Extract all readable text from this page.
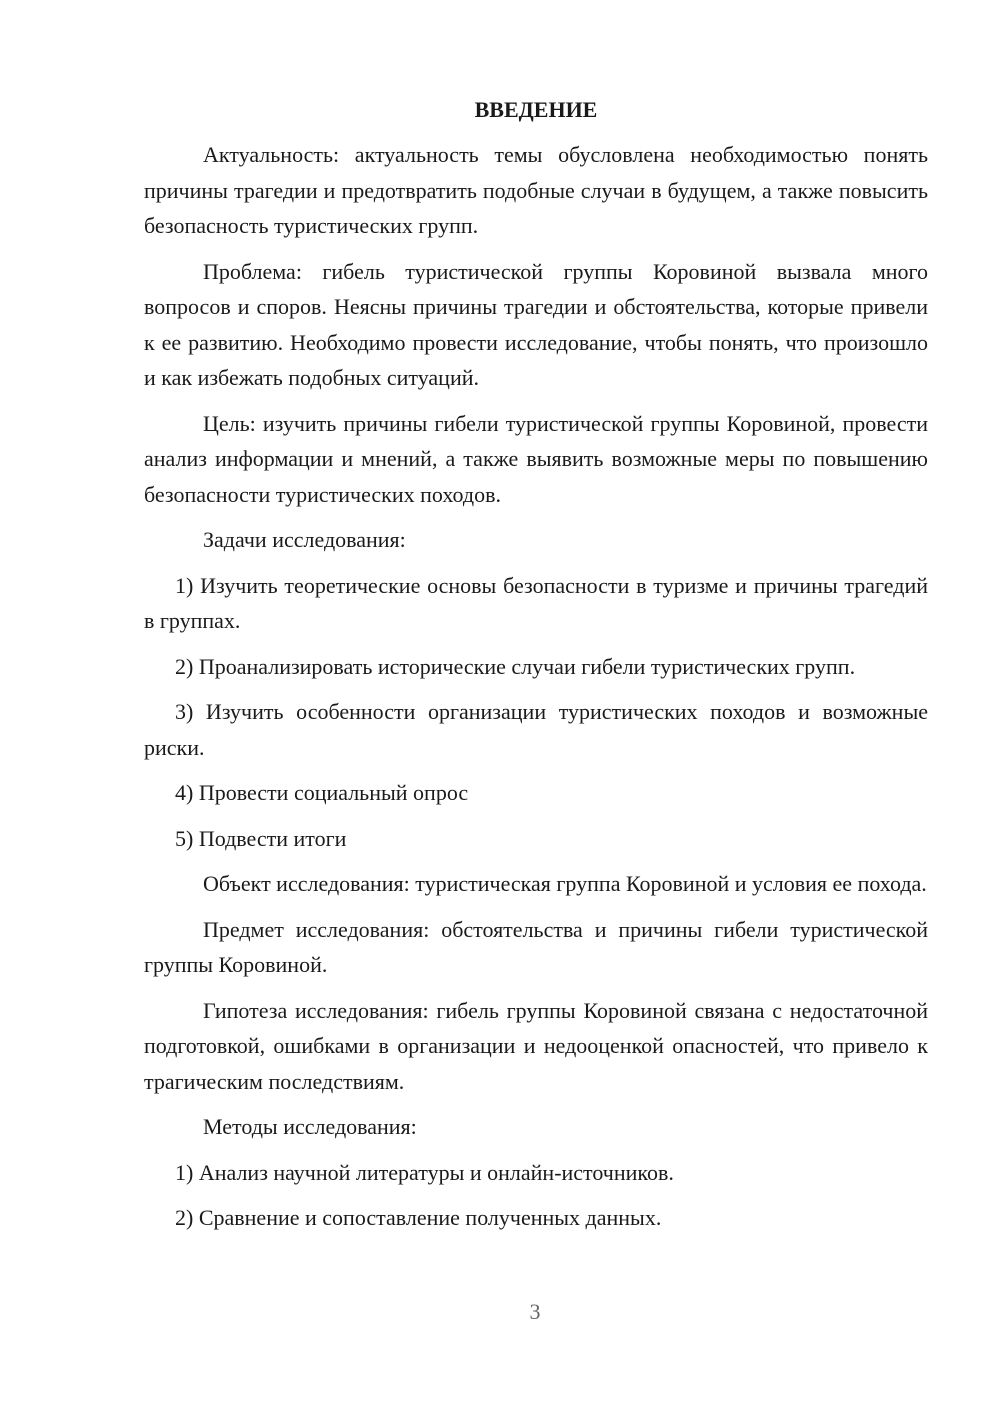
ВВЕДЕНИЕ

Актуальность: актуальность темы обусловлена необходимостью понять причины трагедии и предотвратить подобные случаи в будущем, а также повысить безопасность туристических групп.

Проблема: гибель туристической группы Коровиной вызвала много вопросов и споров. Неясны причины трагедии и обстоятельства, которые привели к ее развитию. Необходимо провести исследование, чтобы понять, что произошло и как избежать подобных ситуаций.

Цель: изучить причины гибели туристической группы Коровиной, провести анализ информации и мнений, а также выявить возможные меры по повышению безопасности туристических походов.

Задачи исследования:

1) Изучить теоретические основы безопасности в туризме и причины трагедий в группах.

2) Проанализировать исторические случаи гибели туристических групп.

3) Изучить особенности организации туристических походов и возможные риски.

4) Провести социальный опрос

5) Подвести итоги

Объект исследования: туристическая группа Коровиной и условия ее похода.

Предмет исследования: обстоятельства и причины гибели туристической группы Коровиной.

Гипотеза исследования: гибель группы Коровиной связана с недостаточной подготовкой, ошибками в организации и недооценкой опасностей, что привело к трагическим последствиям.

Методы исследования:

1) Анализ научной литературы и онлайн-источников.

2) Сравнение и сопоставление полученных данных.

3
